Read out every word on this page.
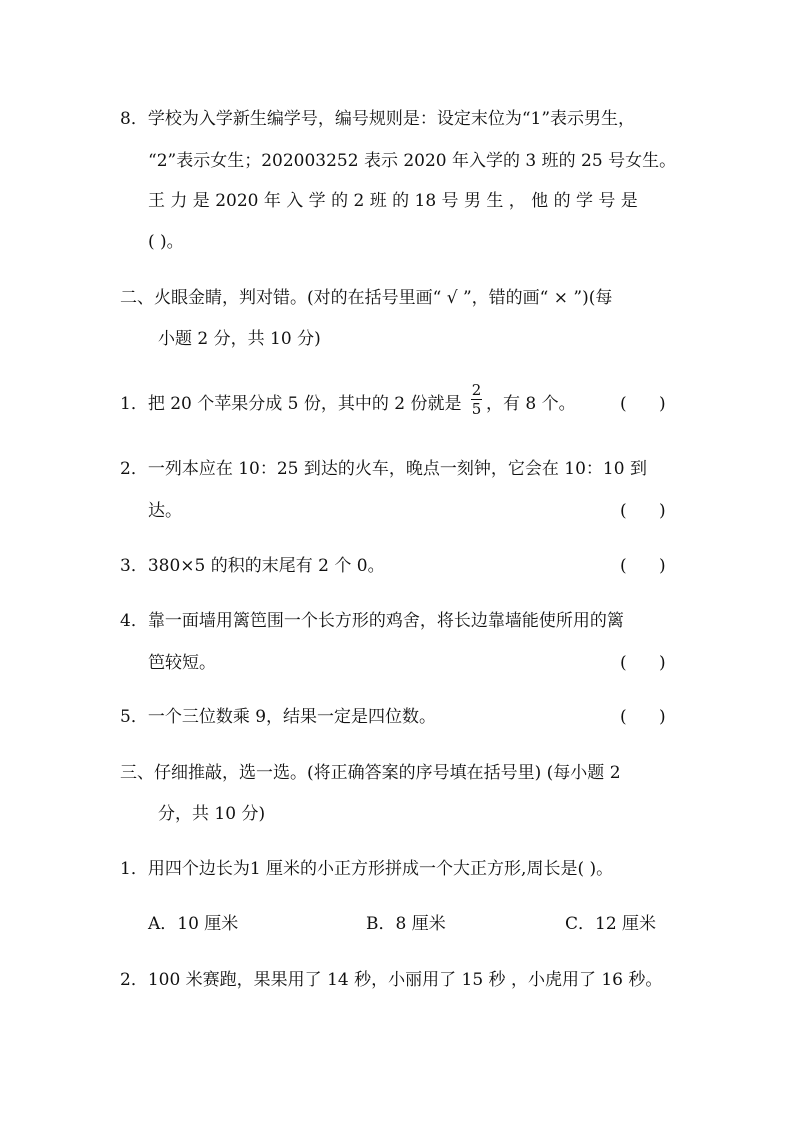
8．学校为入学新生编学号，编号规则是：设定末位为“1”表示男生，
“2”表示女生；202003252 表示 2020 年入学的 3 班的 25 号女生。
王 力 是 2020 年 入 学 的 2 班 的 18 号 男 生 ， 他 的 学 号 是
( )。
二、火眼金睛，判对错。(对的在括号里画“ √ ”，错的画“ × ”)(每
小题 2 分，共 10 分)
1．把 20 个苹果分成 5 份，其中的 2 份就是
2
5 ，有 8 个。	(      )
2．一列本应在 10：25 到达的火车，晚点一刻钟，它会在 10：10 到
达。	(      )
3．380×5 的积的末尾有 2 个 0。	(      )
4．靠一面墙用篱笆围一个长方形的鸡舍，将长边靠墙能使所用的篱
笆较短。	(      )
5．一个三位数乘 9，结果一定是四位数。	(      )
三、仔细推敲，选一选。(将正确答案的序号填在括号里) (每小题 2
分，共 10 分)
1．用四个边长为1 厘米的小正方形拼成一个大正方形,周长是( )。
A．10 厘米	B．8 厘米	C．12 厘米
2．100 米赛跑，果果用了 14 秒，小丽用了 15 秒 ，小虎用了 16 秒。
